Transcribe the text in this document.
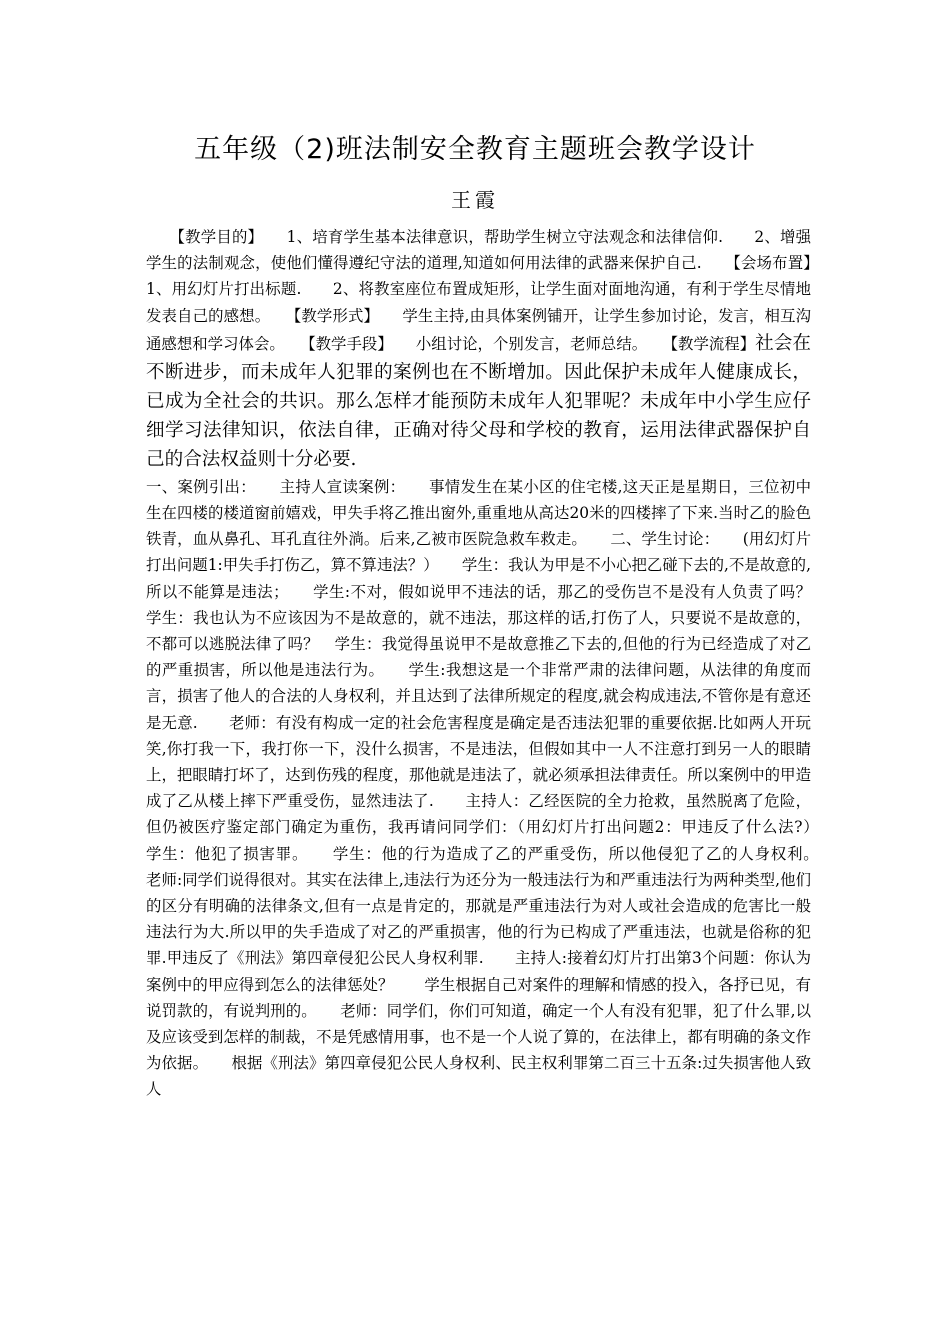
五年级（2)班法制安全教育主题班会教学设计
王霞

　　【教学目的】　　1、培育学生基本法律意识，帮助学生树立守法观念和法律信仰.　　2、增强学生的法制观念，使他们懂得遵纪守法的道理,知道如何用法律的武器来保护自己.　　【会场布置】　　1、用幻灯片打出标题.　　2、将教室座位布置成矩形，让学生面对面地沟通，有利于学生尽情地发表自己的感想。　　【教学形式】　　学生主持,由具体案例铺开，让学生参加讨论，发言，相互沟通感想和学习体会。　　【教学手段】　　小组讨论，个别发言，老师总结。　　【教学流程】社会在不断进步，而未成年人犯罪的案例也在不断增加。因此保护未成年人健康成长，已成为全社会的共识。那么怎样才能预防未成年人犯罪呢？未成年中小学生应仔细学习法律知识，依法自律，正确对待父母和学校的教育，运用法律武器保护自己的合法权益则十分必要.

一、案例引出：　　主持人宣读案例：　　事情发生在某小区的住宅楼,这天正是星期日，三位初中生在四楼的楼道窗前嬉戏，甲失手将乙推出窗外,重重地从高达20米的四楼摔了下来.当时乙的脸色铁青，血从鼻孔、耳孔直往外淌。后来,乙被市医院急救车救走。　　二、学生讨论：　　(用幻灯片打出问题1:甲失手打伤乙，算不算违法？）　　学生：我认为甲是不小心把乙碰下去的,不是故意的,所以不能算是违法；　　学生:不对，假如说甲不违法的话，那乙的受伤岂不是没有人负责了吗？　　学生：我也认为不应该因为不是故意的，就不违法，那这样的话,打伤了人，只要说不是故意的，不都可以逃脱法律了吗？　学生：我觉得虽说甲不是故意推乙下去的,但他的行为已经造成了对乙的严重损害，所以他是违法行为。　　学生:我想这是一个非常严肃的法律问题，从法律的角度而言，损害了他人的合法的人身权利，并且达到了法律所规定的程度,就会构成违法,不管你是有意还是无意.　　老师：有没有构成一定的社会危害程度是确定是否违法犯罪的重要依据.比如两人开玩笑,你打我一下，我打你一下，没什么损害，不是违法，但假如其中一人不注意打到另一人的眼睛上，把眼睛打坏了，达到伤残的程度，那他就是违法了，就必须承担法律责任。所以案例中的甲造成了乙从楼上摔下严重受伤，显然违法了.　　主持人：乙经医院的全力抢救，虽然脱离了危险，但仍被医疗鉴定部门确定为重伤，我再请问同学们：（用幻灯片打出问题2：甲违反了什么法?）　　学生：他犯了损害罪。　　学生：他的行为造成了乙的严重受伤，所以他侵犯了乙的人身权利。　　老师:同学们说得很对。其实在法律上,违法行为还分为一般违法行为和严重违法行为两种类型,他们的区分有明确的法律条文,但有一点是肯定的，那就是严重违法行为对人或社会造成的危害比一般违法行为大.所以甲的失手造成了对乙的严重损害，他的行为已构成了严重违法，也就是俗称的犯罪.甲违反了《刑法》第四章侵犯公民人身权利罪.　　主持人:接着幻灯片打出第3个问题：你认为案例中的甲应得到怎么的法律惩处？　　学生根据自己对案件的理解和情感的投入，各抒已见，有说罚款的，有说判刑的。　　老师：同学们，你们可知道，确定一个人有没有犯罪，犯了什么罪,以及应该受到怎样的制裁，不是凭感情用事，也不是一个人说了算的，在法律上，都有明确的条文作为依据。　　根据《刑法》第四章侵犯公民人身权利、民主权利罪第二百三十五条:过失损害他人致人
